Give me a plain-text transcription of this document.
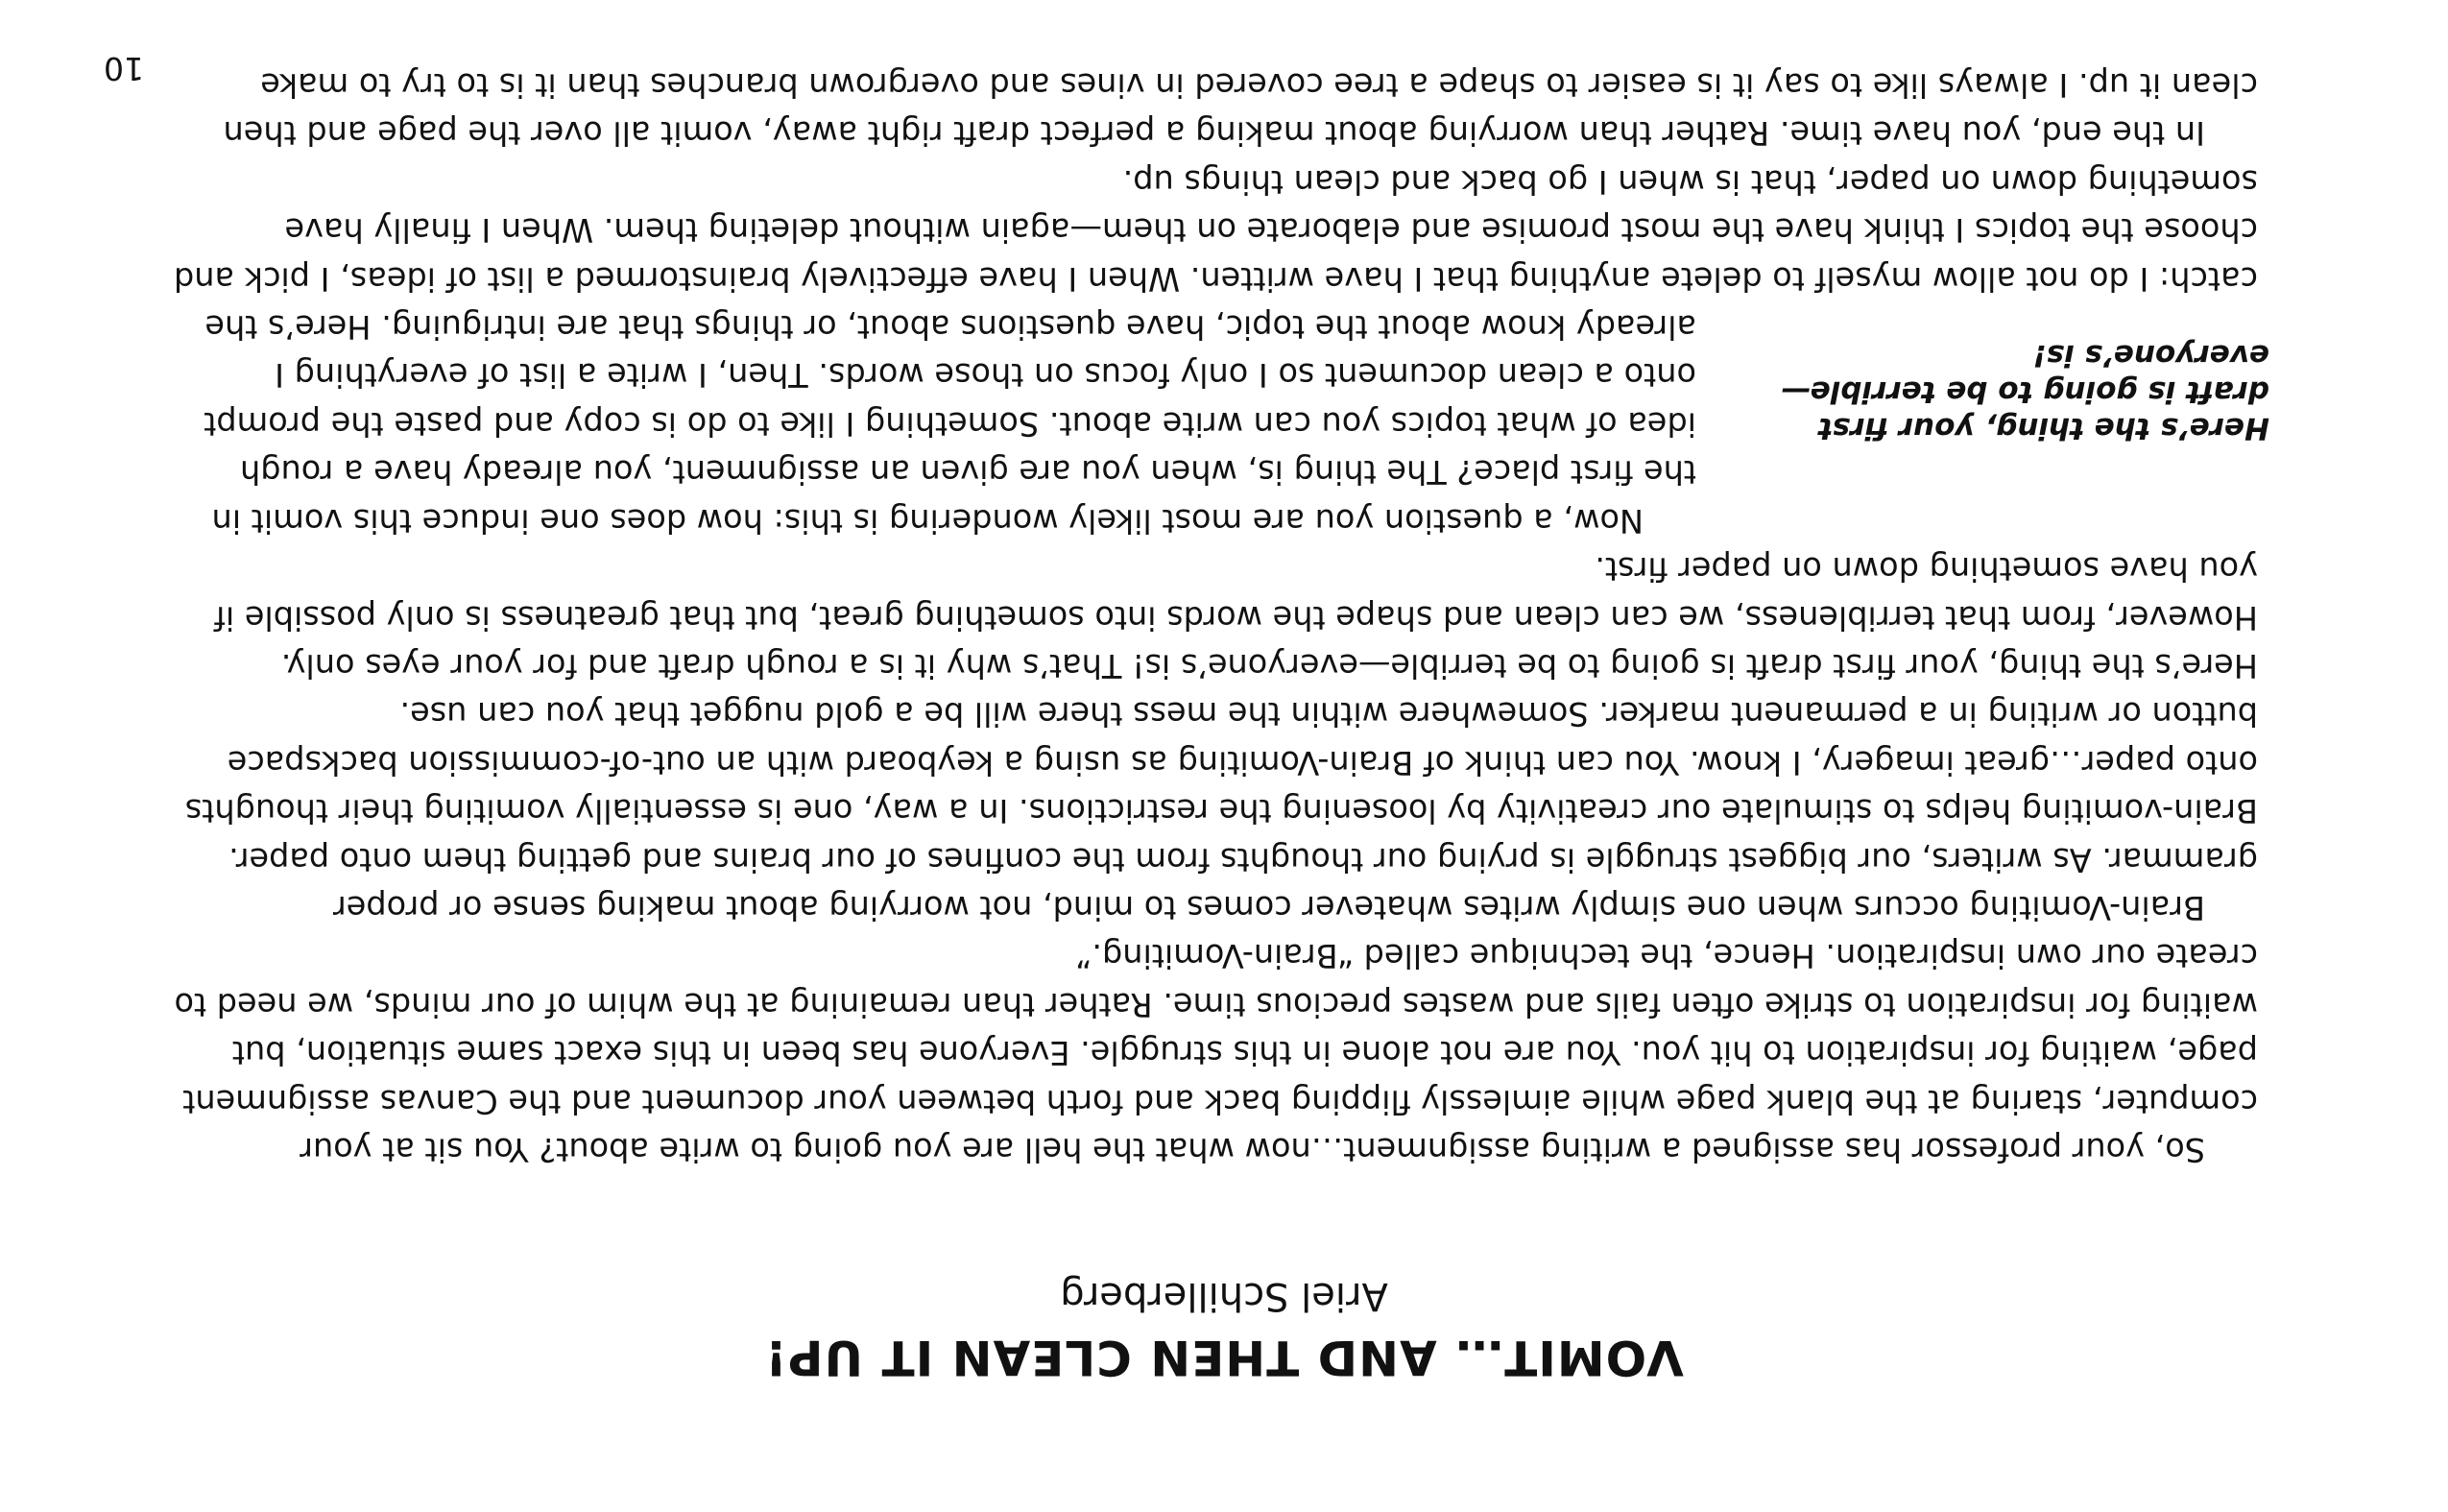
VOMIT… AND THEN CLEAN IT UP!

Ariel Schillerberg

So, your professor has assigned a writing assignment…now what the hell are you going to write about? You sit at your computer, staring at the blank page while aimlessly flipping back and forth between your document and the Canvas assignment page, waiting for inspiration to hit you. You are not alone in this struggle. Everyone has been in this exact same situation, but waiting for inspiration to strike often fails and wastes precious time. Rather than remaining at the whim of our minds, we need to create our own inspiration. Hence, the technique called “Brain-Vomiting.”

Brain-Vomiting occurs when one simply writes whatever comes to mind, not worrying about making sense or proper grammar. As writers, our biggest struggle is prying our thoughts from the confines of our brains and getting them onto paper. Brain-vomiting helps to stimulate our creativity by loosening the restrictions. In a way, one is essentially vomiting their thoughts onto paper…great imagery, I know. You can think of Brain-Vomiting as using a keyboard with an out-of-commission backspace button or writing in a permanent marker. Somewhere within the mess there will be a gold nugget that you can use.

Here’s the thing, your first draft is going to be terrible—everyone’s is! That’s why it is a rough draft and for your eyes only. However, from that terribleness, we can clean and shape the words into something great, but that greatness is only possible if you have something down on paper first.

Here’s the thing, your first draft is going to be terrible—everyone’s is!

Now, a question you are most likely wondering is this: how does one induce this vomit in the first place? The thing is, when you are given an assignment, you already have a rough idea of what topics you can write about. Something I like to do is copy and paste the prompt onto a clean document so I only focus on those words. Then, I write a list of everything I already know about the topic, have questions about, or things that are intriguing. Here’s the catch: I do not allow myself to delete anything that I have written. When I have effectively brainstormed a list of ideas, I pick and choose the topics I think have the most promise and elaborate on them—again without deleting them. When I finally have something down on paper, that is when I go back and clean things up.

In the end, you have time. Rather than worrying about making a perfect draft right away, vomit all over the page and then clean it up. I always like to say it is easier to shape a tree covered in vines and overgrown branches than it is to try to make

10
